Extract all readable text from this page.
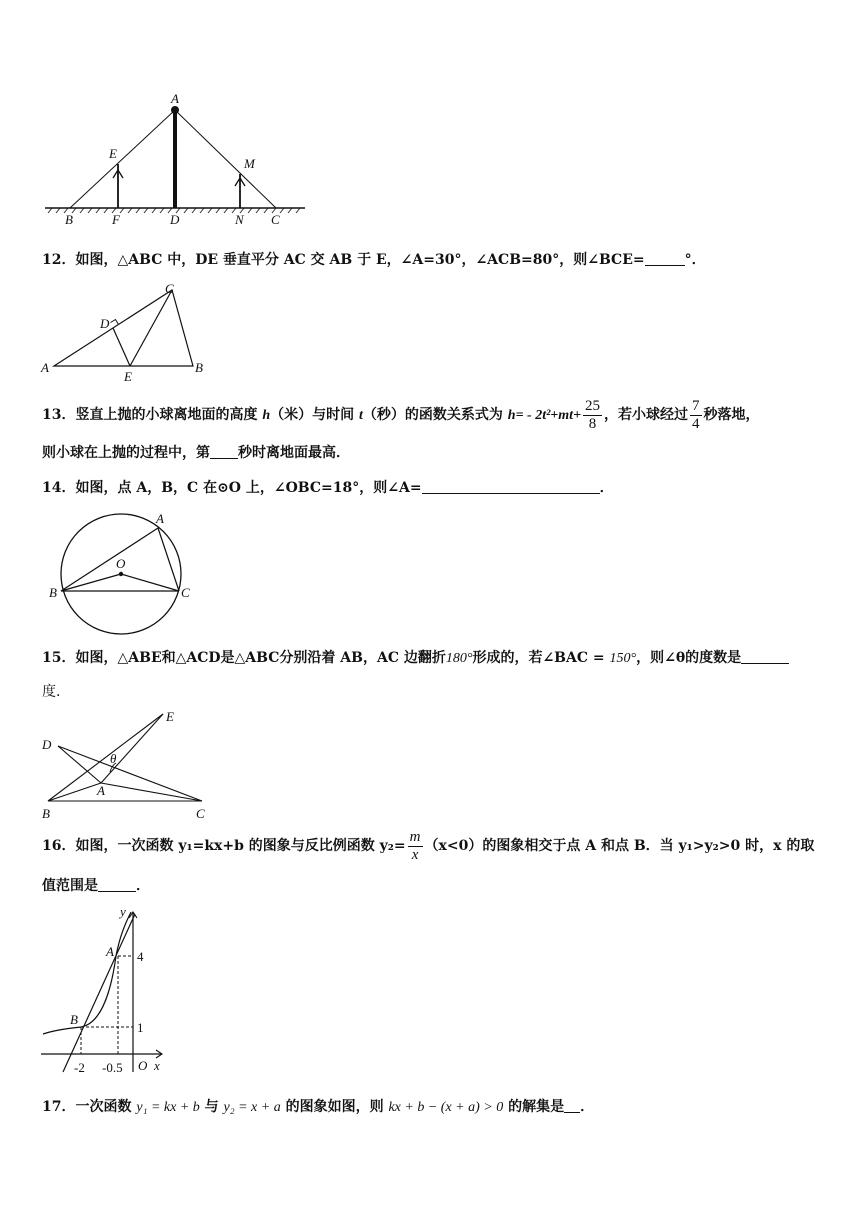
A
E
M
B	F	D	N C
12．如图，△ABC 中，DE 垂直平分 AC 交 AB 于 E，∠A=30°，∠ACB=80°，则∠BCE=	°．
C
D
A
E
B
13．竖直上抛的小球离地面的高度 h（米）与时间 t（秒）的函数关系式为 $h= - 2t^2+mt+ \frac{25}{8}$ ，若小球经过 $\frac{7}{4}$ 秒落地，
则小球在上抛的过程中，第 秒时离地面最高．
14．如图，点 A，B，C 在⊙O 上，∠OBC=18°，则∠A=	．
A
O
B	C
15．如图，△ABE和△ACD是△ABC分别沿着 AB，AC 边翻折180°形成的，若∠BAC = 150°，则∠θ的度数是
度.
D
E
θ
A
B	C
16．如图，一次函数 y₁=kx+b 的图象与反比例函数 $y_2= \frac{m}{x} (x<0)$的图象相交于点 A 和点 B．当 y₁>y₂>0 时，x 的取
值范围是	．
y
A 4
B
1
-2 -0.5 O x
17．一次函数 y₁ = kx + b 与 y₂ = x + a 的图象如图，则 kx + b − (x + a) > 0 的解集是 ．
